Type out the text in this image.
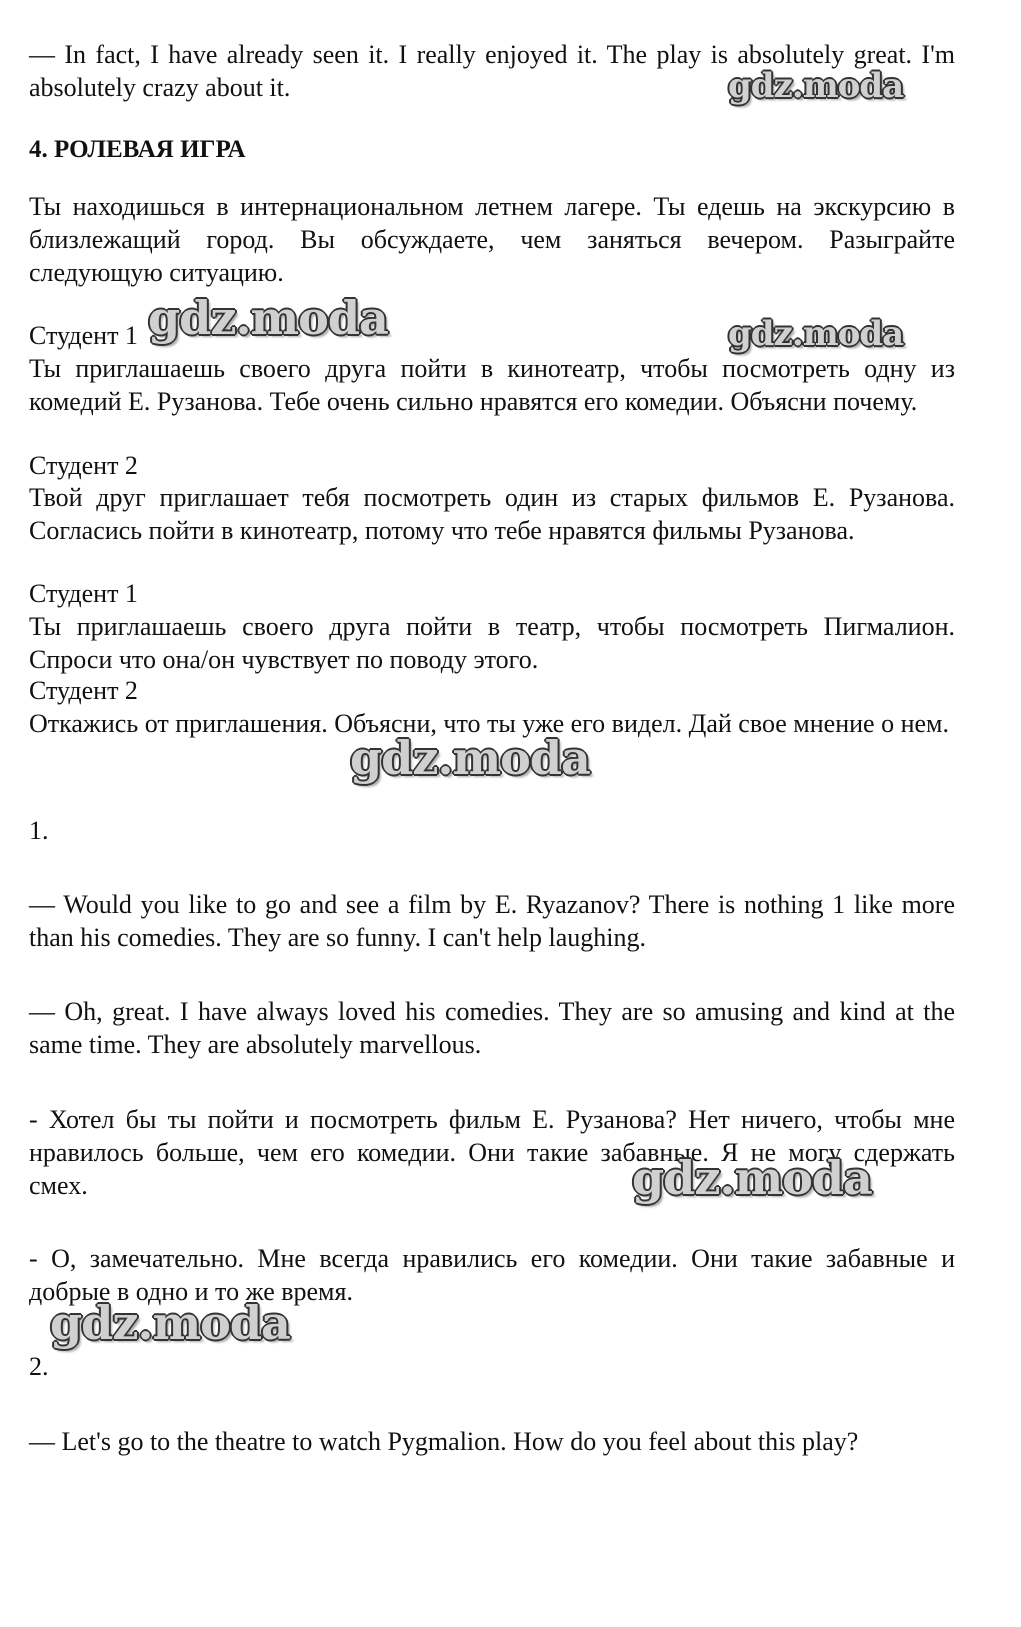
— In fact, I have already seen it. I really enjoyed it. The play is absolutely great. I'm absolutely crazy about it.

4. РОЛЕВАЯ ИГРА

Ты находишься в интернациональном летнем лагере. Ты едешь на экскурсию в близлежащий город. Вы обсуждаете, чем заняться вечером. Разыграйте следующую ситуацию.

Студент 1

Ты приглашаешь своего друга пойти в кинотеатр, чтобы посмотреть одну из комедий Е. Рузанова. Тебе очень сильно нравятся его комедии. Объясни почему.

Студент 2

Твой друг приглашает тебя посмотреть один из старых фильмов Е. Рузанова. Согласись пойти в кинотеатр, потому что тебе нравятся фильмы Рузанова.

Студент 1

Ты приглашаешь своего друга пойти в театр, чтобы посмотреть Пигмалион. Спроси что она/он чувствует по поводу этого.

Студент 2

Откажись от приглашения. Объясни, что ты уже его видел. Дай свое мнение о нем.

1.

— Would you like to go and see a film by E. Ryazanov? There is nothing 1 like more than his comedies. They are so funny. I can't help laughing.

— Oh, great. I have always loved his comedies. They are so amusing and kind at the same time. They are absolutely marvellous.

- Хотел бы ты пойти и посмотреть фильм Е. Рузанова? Нет ничего, чтобы мне нравилось больше, чем его комедии. Они такие забавные. Я не могу сдержать смех.

- О, замечательно. Мне всегда нравились его комедии. Они такие забавные и добрые в одно и то же время.

2.

— Let's go to the theatre to watch Pygmalion. How do you feel about this play?

gdz.moda
gdz.moda	gdz.moda
gdz.moda
gdz.moda
gdz.moda
